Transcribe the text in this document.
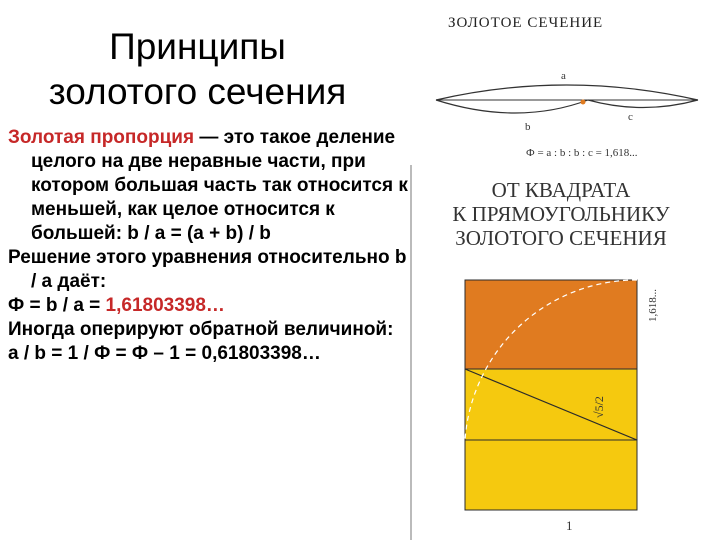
Принципы
золотого сечения

Золотая пропорция — это такое деление целого на две неравные части, при котором большая часть так относится к меньшей, как целое относится к большей: b / a = (a + b) / b

Решение этого уравнения относительно b / a даёт:

Ф = b / a = 1,61803398…

Иногда оперируют обратной величиной:

a / b = 1 / Ф = Ф – 1 = 0,61803398…

ЗОЛОТОЕ СЕЧЕНИЕ
a
b
c
Ф = a : b : b : c = 1,618...
ОТ КВАДРАТА
К ПРЯМОУГОЛЬНИКУ
ЗОЛОТОГО СЕЧЕНИЯ
1,618...
√5/2
1
